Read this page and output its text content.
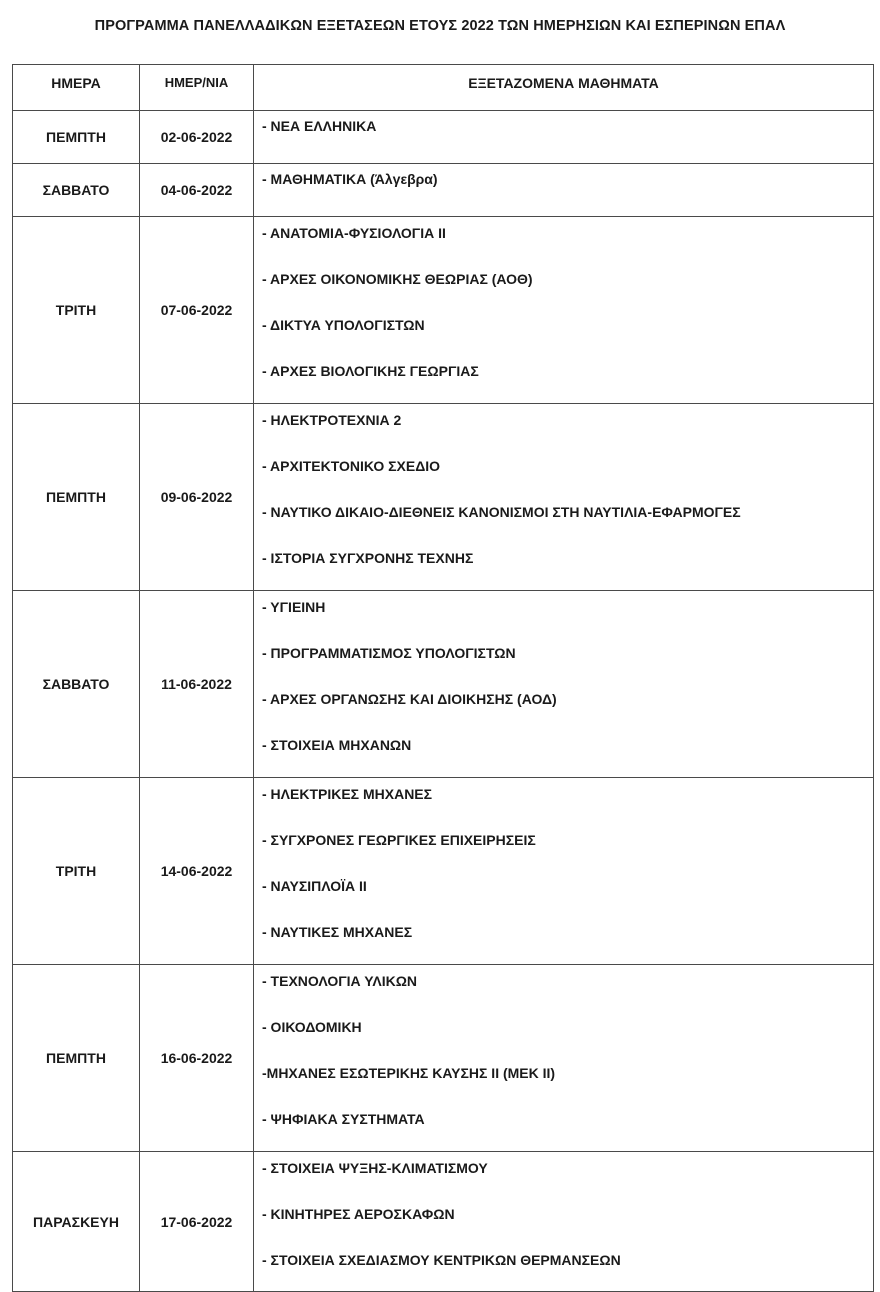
ΠΡΟΓΡΑΜΜΑ ΠΑΝΕΛΛΑΔΙΚΩΝ ΕΞΕΤΑΣΕΩΝ ΕΤΟΥΣ 2022 ΤΩΝ ΗΜΕΡΗΣΙΩΝ ΚΑΙ ΕΣΠΕΡΙΝΩΝ ΕΠΑΛ
ΗΜΕΡΑ	ΗΜΕΡ/ΝΙΑ	ΕΞΕΤΑΖΟΜΕΝΑ ΜΑΘΗΜΑΤΑ
ΠΕΜΠΤΗ	02-06-2022	- ΝΕΑ ΕΛΛΗΝΙΚΑ

ΣΑΒΒΑΤΟ	04-06-2022	- ΜΑΘΗΜΑΤΙΚΑ (Άλγεβρα)

ΤΡΙΤΗ	07-06-2022	- ΑΝΑΤΟΜΙΑ-ΦΥΣΙΟΛΟΓΙΑ ΙΙ
- ΑΡΧΕΣ ΟΙΚΟΝΟΜΙΚΗΣ ΘΕΩΡΙΑΣ (ΑΟΘ)
- ΔΙΚΤΥΑ ΥΠΟΛΟΓΙΣΤΩΝ
- ΑΡΧΕΣ ΒΙΟΛΟΓΙΚΗΣ ΓΕΩΡΓΙΑΣ

ΠΕΜΠΤΗ	09-06-2022	- ΗΛΕΚΤΡΟΤΕΧΝΙΑ 2
- ΑΡΧΙΤΕΚΤΟΝΙΚΟ ΣΧΕΔΙΟ
- ΝΑΥΤΙΚΟ ΔΙΚΑΙΟ-ΔΙΕΘΝΕΙΣ ΚΑΝΟΝΙΣΜΟΙ ΣΤΗ ΝΑΥΤΙΛΙΑ-ΕΦΑΡΜΟΓΕΣ
- ΙΣΤΟΡΙΑ ΣΥΓΧΡΟΝΗΣ ΤΕΧΝΗΣ

ΣΑΒΒΑΤΟ	11-06-2022	- ΥΓΙΕΙΝΗ
- ΠΡΟΓΡΑΜΜΑΤΙΣΜΟΣ ΥΠΟΛΟΓΙΣΤΩΝ
- ΑΡΧΕΣ ΟΡΓΑΝΩΣΗΣ ΚΑΙ ΔΙΟΙΚΗΣΗΣ (ΑΟΔ)
- ΣΤΟΙΧΕΙΑ ΜΗΧΑΝΩΝ

ΤΡΙΤΗ	14-06-2022	- ΗΛΕΚΤΡΙΚΕΣ ΜΗΧΑΝΕΣ
- ΣΥΓΧΡΟΝΕΣ ΓΕΩΡΓΙΚΕΣ ΕΠΙΧΕΙΡΗΣΕΙΣ
- ΝΑΥΣΙΠΛΟΪΑ ΙΙ
- ΝΑΥΤΙΚΕΣ ΜΗΧΑΝΕΣ

ΠΕΜΠΤΗ	16-06-2022	- ΤΕΧΝΟΛΟΓΙΑ ΥΛΙΚΩΝ
- ΟΙΚΟΔΟΜΙΚΗ
-ΜΗΧΑΝΕΣ ΕΣΩΤΕΡΙΚΗΣ ΚΑΥΣΗΣ ΙΙ (ΜΕΚ ΙΙ)
- ΨΗΦΙΑΚΑ ΣΥΣΤΗΜΑΤΑ

ΠΑΡΑΣΚΕΥΗ	17-06-2022	- ΣΤΟΙΧΕΙΑ ΨΥΞΗΣ-ΚΛΙΜΑΤΙΣΜΟΥ
- ΚΙΝΗΤΗΡΕΣ ΑΕΡΟΣΚΑΦΩΝ
- ΣΤΟΙΧΕΙΑ ΣΧΕΔΙΑΣΜΟΥ ΚΕΝΤΡΙΚΩΝ ΘΕΡΜΑΝΣΕΩΝ
